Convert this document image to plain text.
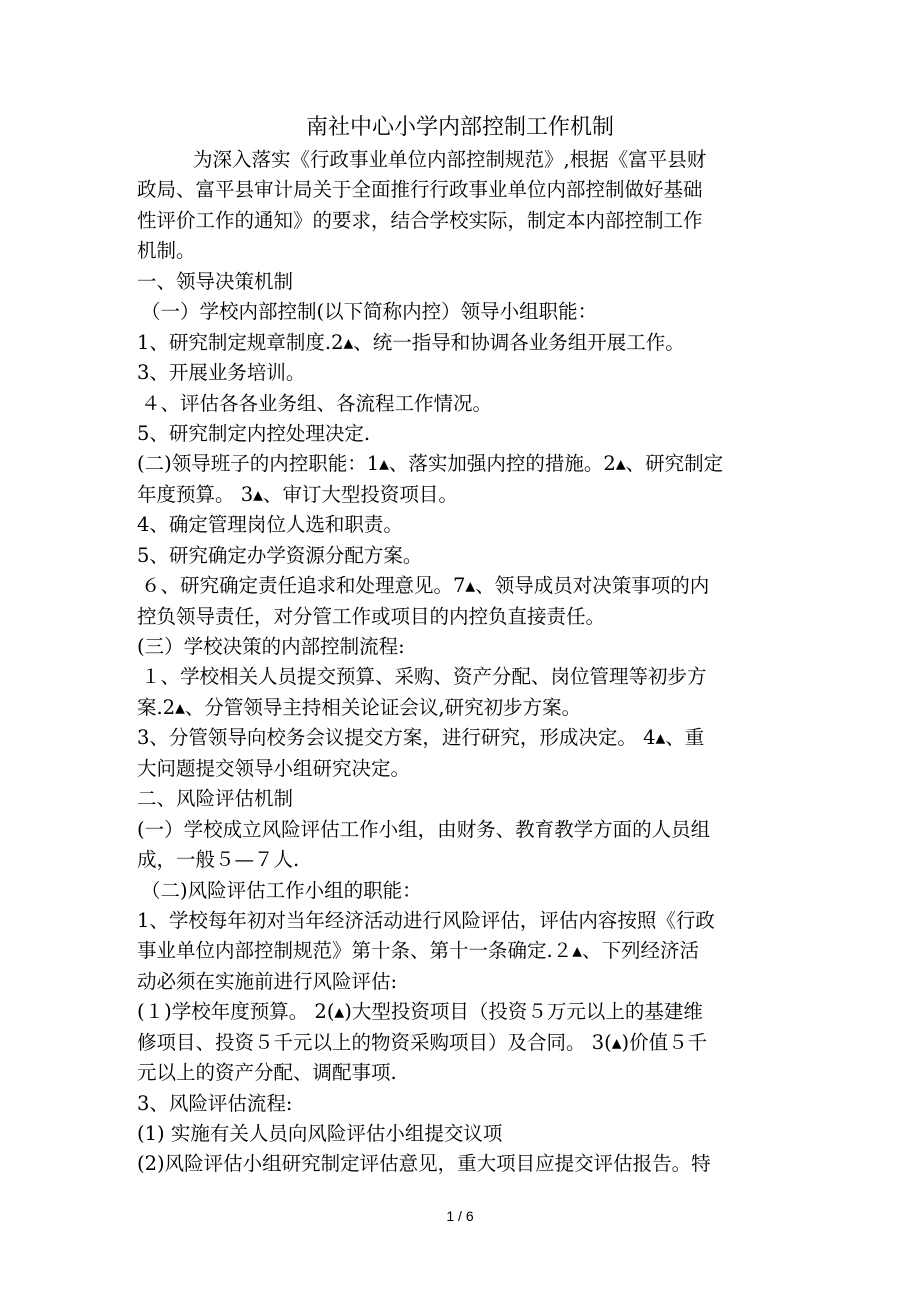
南社中心小学内部控制工作机制
为深入落实《行政事业单位内部控制规范》,根据《富平县财
政局、富平县审计局关于全面推行行政事业单位内部控制做好基础
性评价工作的通知》的要求，结合学校实际，制定本内部控制工作
机制。
一、领导决策机制
（一）学校内部控制(以下简称内控）领导小组职能：
1、研究制定规章制度.2▴、统一指导和协调各业务组开展工作。
3、开展业务培训。
４、评估各各业务组、各流程工作情况。
5、研究制定内控处理决定.
(二)领导班子的内控职能：1▴、落实加强内控的措施。2▴、研究制定
年度预算。 3▴、审订大型投资项目。
4、确定管理岗位人选和职责。
5、研究确定办学资源分配方案。
６、研究确定责任追求和处理意见。7▴、领导成员对决策事项的内
控负领导责任，对分管工作或项目的内控负直接责任。
(三）学校决策的内部控制流程:
１、学校相关人员提交预算、采购、资产分配、岗位管理等初步方
案.2▴、分管领导主持相关论证会议,研究初步方案。
3、分管领导向校务会议提交方案，进行研究，形成决定。 4▴、重
大问题提交领导小组研究决定。
二、风险评估机制
(一）学校成立风险评估工作小组，由财务、教育教学方面的人员组
成，一般５—７人.
（二)风险评估工作小组的职能：
1、学校每年初对当年经济活动进行风险评估，评估内容按照《行政
事业单位内部控制规范》第十条、第十一条确定.２▴、下列经济活
动必须在实施前进行风险评估:
(１)学校年度预算。 2(▴)大型投资项目（投资５万元以上的基建维
修项目、投资５千元以上的物资采购项目）及合同。 3(▴)价值５千
元以上的资产分配、调配事项.
3、风险评估流程:
(1) 实施有关人员向风险评估小组提交议项
(2)风险评估小组研究制定评估意见，重大项目应提交评估报告。特
1 / 6
